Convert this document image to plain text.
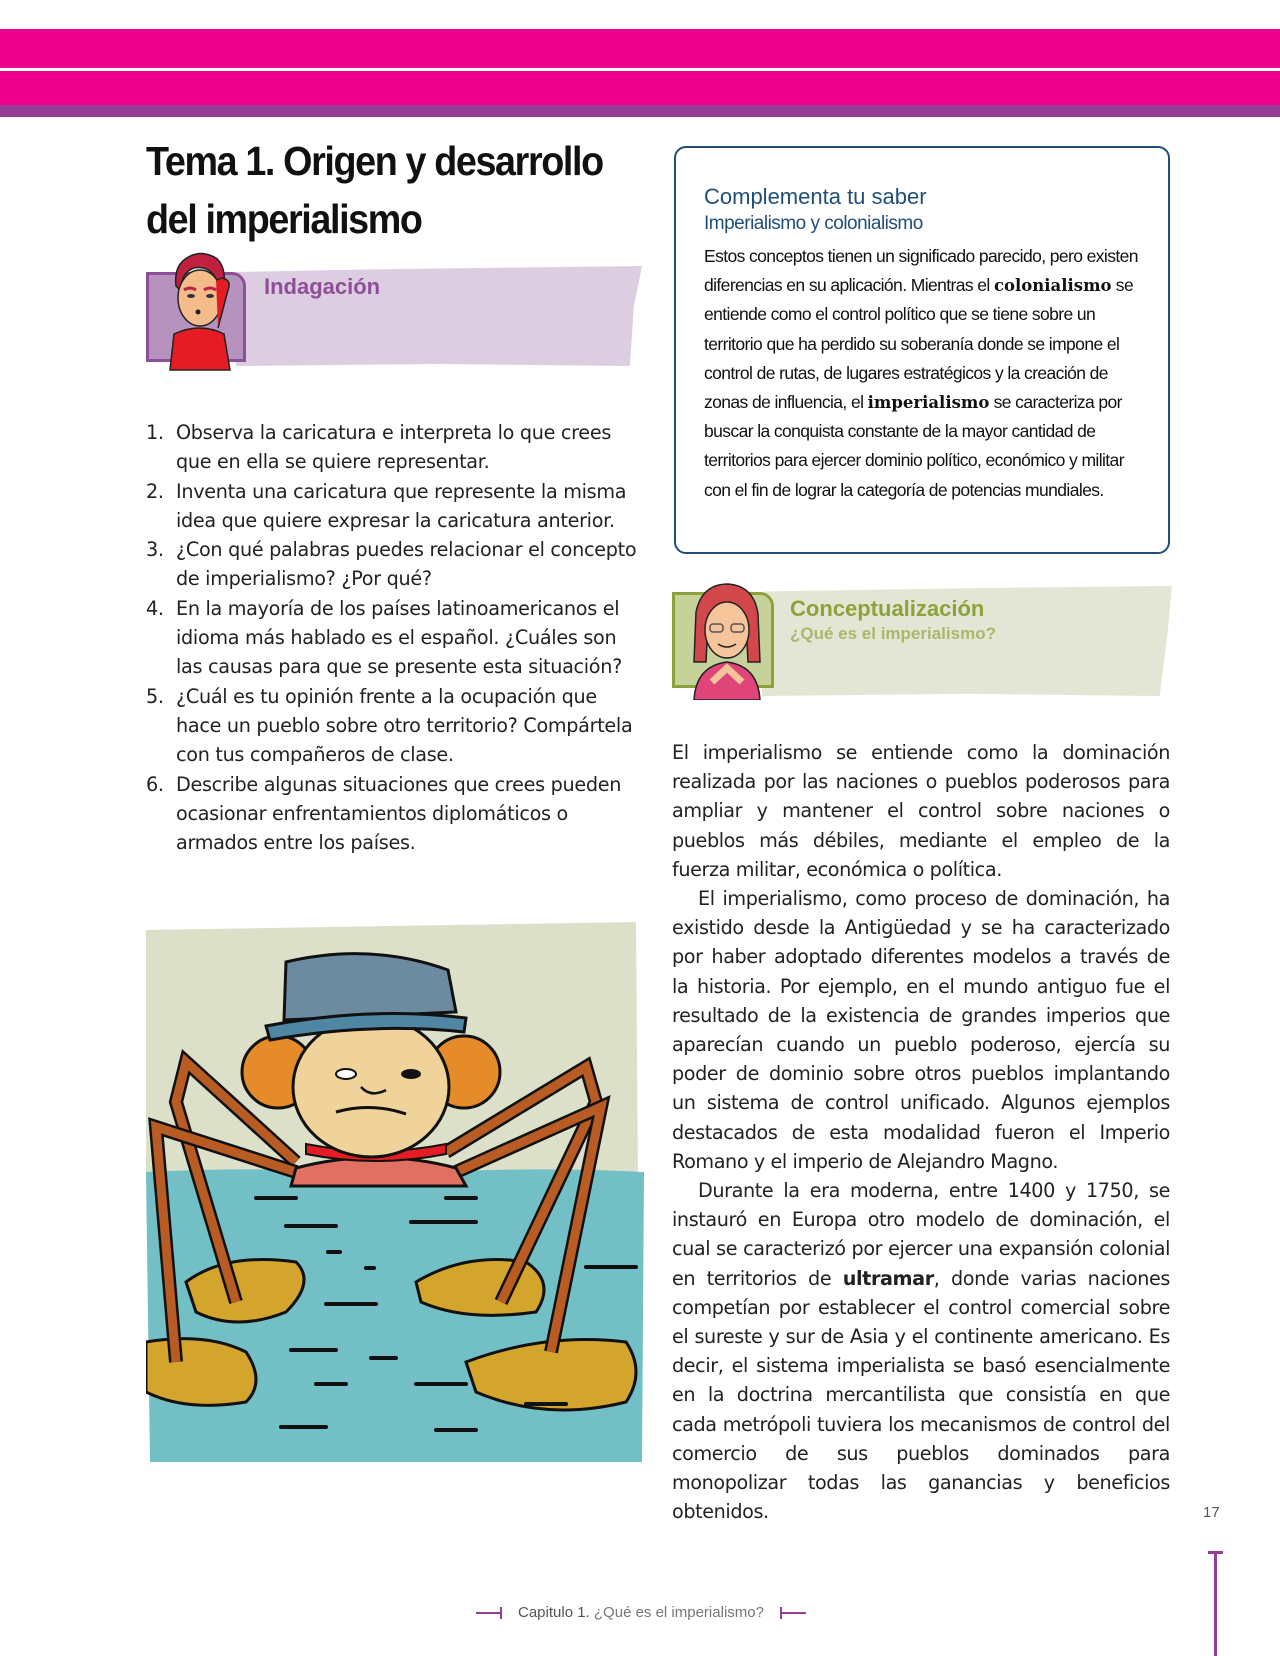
Tema 1. Origen y desarrollo
del imperialismo
Indagación
1. Observa la caricatura e interpreta lo que crees que en ella se quiere representar.
2. Inventa una caricatura que represente la misma idea que quiere expresar la caricatura anterior.
3. ¿Con qué palabras puedes relacionar el concepto de imperialismo? ¿Por qué?
4. En la mayoría de los países latinoamericanos el idioma más hablado es el español. ¿Cuáles son las causas para que se presente esta situación?
5. ¿Cuál es tu opinión frente a la ocupación que hace un pueblo sobre otro territorio? Compártela con tus compañeros de clase.
6. Describe algunas situaciones que crees pueden ocasionar enfrentamientos diplomáticos o armados entre los países.
Complementa tu saber
Imperialismo y colonialismo
Estos conceptos tienen un significado parecido, pero existen diferencias en su aplicación. Mientras el colonialismo se entiende como el control político que se tiene sobre un territorio que ha perdido su soberanía donde se impone el control de rutas, de lugares estratégicos y la creación de zonas de influencia, el imperialismo se caracteriza por buscar la conquista constante de la mayor cantidad de territorios para ejercer dominio político, económico y militar con el fin de lograr la categoría de potencias mundiales.
Conceptualización
¿Qué es el imperialismo?

El imperialismo se entiende como la dominación realizada por las naciones o pueblos poderosos para ampliar y mantener el control sobre naciones o pueblos más débiles, mediante el empleo de la fuerza militar, económica o política.

El imperialismo, como proceso de dominación, ha existido desde la Antigüedad y se ha caracterizado por haber adoptado diferentes modelos a través de la historia. Por ejemplo, en el mundo antiguo fue el resultado de la existencia de grandes imperios que aparecían cuando un pueblo poderoso, ejercía su poder de dominio sobre otros pueblos implantando un sistema de control unificado. Algunos ejemplos destacados de esta modalidad fueron el Imperio Romano y el imperio de Alejandro Magno.

Durante la era moderna, entre 1400 y 1750, se instauró en Europa otro modelo de dominación, el cual se caracterizó por ejercer una expansión colonial en territorios de ultramar, donde varias naciones competían por establecer el control comercial sobre el sureste y sur de Asia y el continente americano. Es decir, el sistema imperialista se basó esencialmente en la doctrina mercantilista que consistía en que cada metrópoli tuviera los mecanismos de control del comercio de sus pueblos dominados para monopolizar todas las ganancias y beneficios obtenidos.	17
Capitulo 1. ¿Qué es el imperialismo?
